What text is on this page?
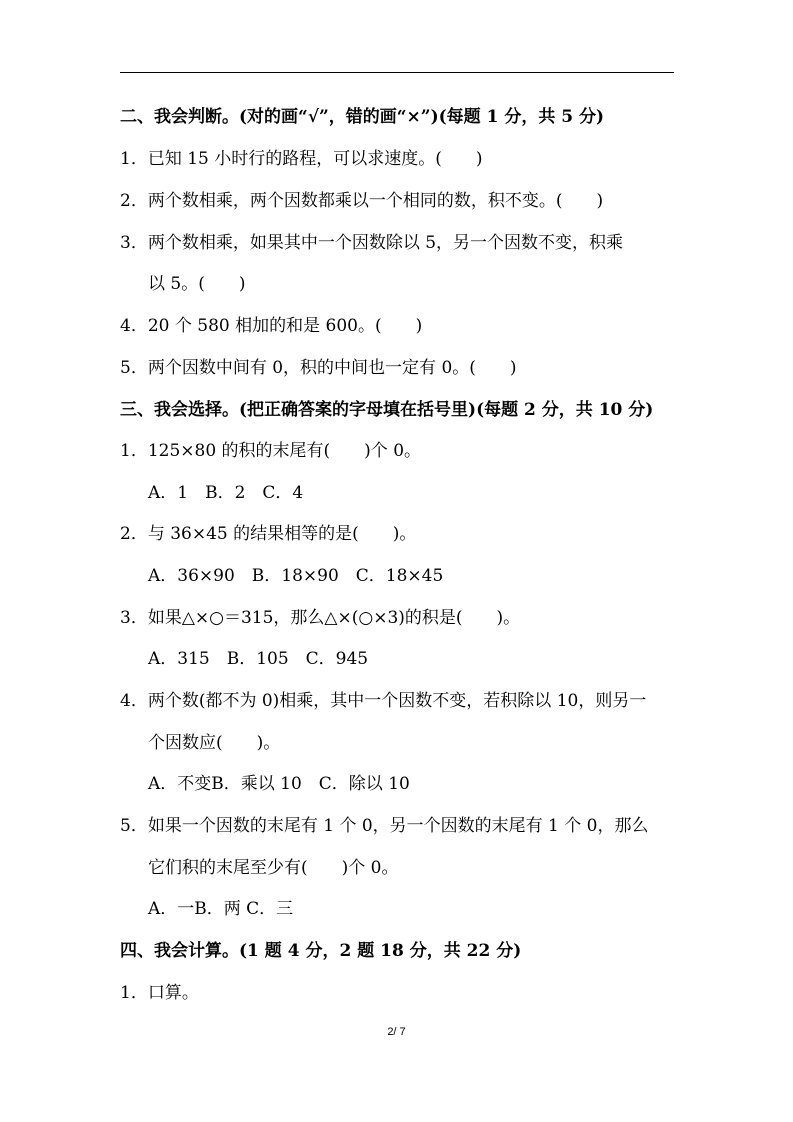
二、我会判断。(对的画“√”，错的画“×”)(每题 1 分，共 5 分)
1．已知 15 小时行的路程，可以求速度。(　　)
2．两个数相乘，两个因数都乘以一个相同的数，积不变。(　　)
3．两个数相乘，如果其中一个因数除以 5，另一个因数不变，积乘
以 5。(　　)
4．20 个 580 相加的和是 600。(　　)
5．两个因数中间有 0，积的中间也一定有 0。(　　)
三、我会选择。(把正确答案的字母填在括号里)(每题 2 分，共 10 分)
1．125×80 的积的末尾有(　　)个 0。
A．1　B．2　C．4
2．与 36×45 的结果相等的是(　　)。
A．36×90　B．18×90　C．18×45
3．如果△×○＝315，那么△×(○×3)的积是(　　)。
A．315　B．105　C．945
4．两个数(都不为 0)相乘，其中一个因数不变，若积除以 10，则另一
个因数应(　　)。
A．不变B．乘以 10　C．除以 10
5．如果一个因数的末尾有 1 个 0，另一个因数的末尾有 1 个 0，那么
它们积的末尾至少有(　　)个 0。
A．一B．两 C．三
四、我会计算。(1 题 4 分，2 题 18 分，共 22 分)
1．口算。
2/ 7
